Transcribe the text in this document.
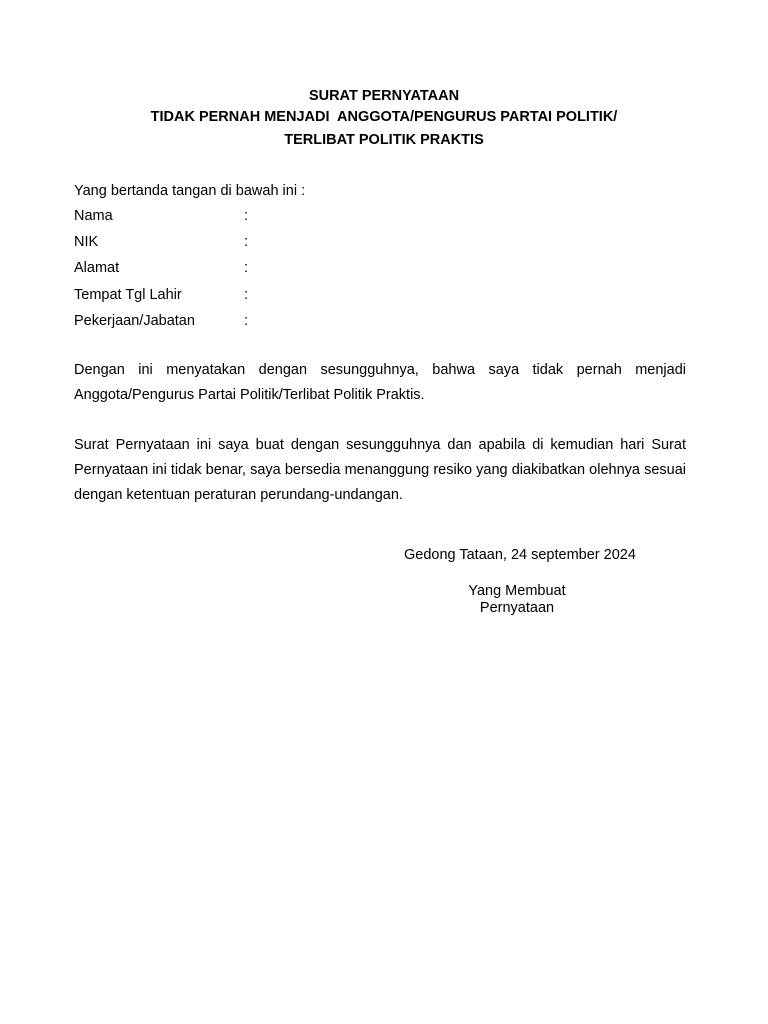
SURAT PERNYATAAN
TIDAK PERNAH MENJADI  ANGGOTA/PENGURUS PARTAI POLITIK/
TERLIBAT POLITIK PRAKTIS
Yang bertanda tangan di bawah ini :
Nama	:
NIK	:
Alamat	:
Tempat Tgl Lahir	:
Pekerjaan/Jabatan	:

Dengan ini menyatakan dengan sesungguhnya, bahwa saya tidak pernah menjadi Anggota/Pengurus Partai Politik/Terlibat Politik Praktis.

Surat Pernyataan ini saya buat dengan sesungguhnya dan apabila di kemudian hari Surat Pernyataan ini tidak benar, saya bersedia menanggung resiko yang diakibatkan olehnya sesuai dengan ketentuan peraturan perundang-undangan.

Gedong Tataan, 24 september 2024
Yang Membuat
Pernyataan
